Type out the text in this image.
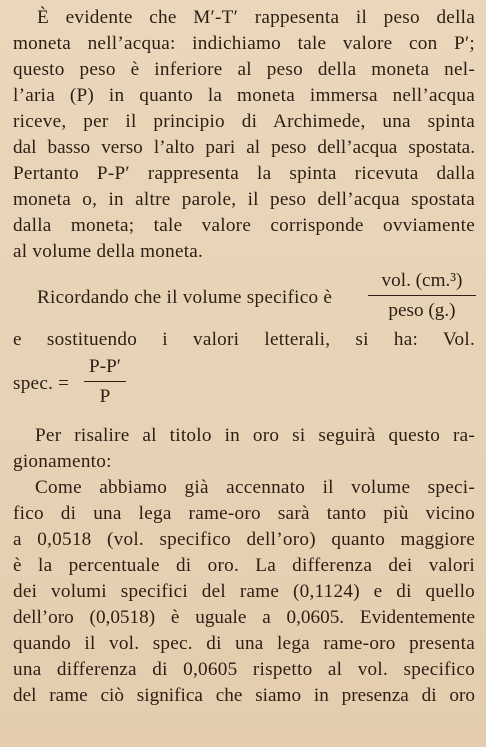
È evidente che M′-T′ rappesenta il peso della
moneta nell’acqua: indichiamo tale valore con P′;
questo peso è inferiore al peso della moneta nel-
l’aria (P) in quanto la moneta immersa nell’acqua
riceve, per il principio di Archimede, una spinta
dal basso verso l’alto pari al peso dell’acqua spostata.
Pertanto P-P′ rappresenta la spinta ricevuta dalla
moneta o, in altre parole, il peso dell’acqua spostata
dalla moneta; tale valore corrisponde ovviamente
al volume della moneta.
Ricordando che il volume specifico è
vol. (cm.³)
peso (g.)
e sostituendo i valori letterali, si ha: Vol.
spec. =
P-P′
P
Per risalire al titolo in oro si seguirà questo ra-
gionamento:
Come abbiamo già accennato il volume speci-
fico di una lega rame-oro sarà tanto più vicino
a 0,0518 (vol. specifico dell’oro) quanto maggiore
è la percentuale di oro. La differenza dei valori
dei volumi specifici del rame (0,1124) e di quello
dell’oro (0,0518) è uguale a 0,0605. Evidentemente
quando il vol. spec. di una lega rame-oro presenta
una differenza di 0,0605 rispetto al vol. specifico
del rame ciò significa che siamo in presenza di oro
